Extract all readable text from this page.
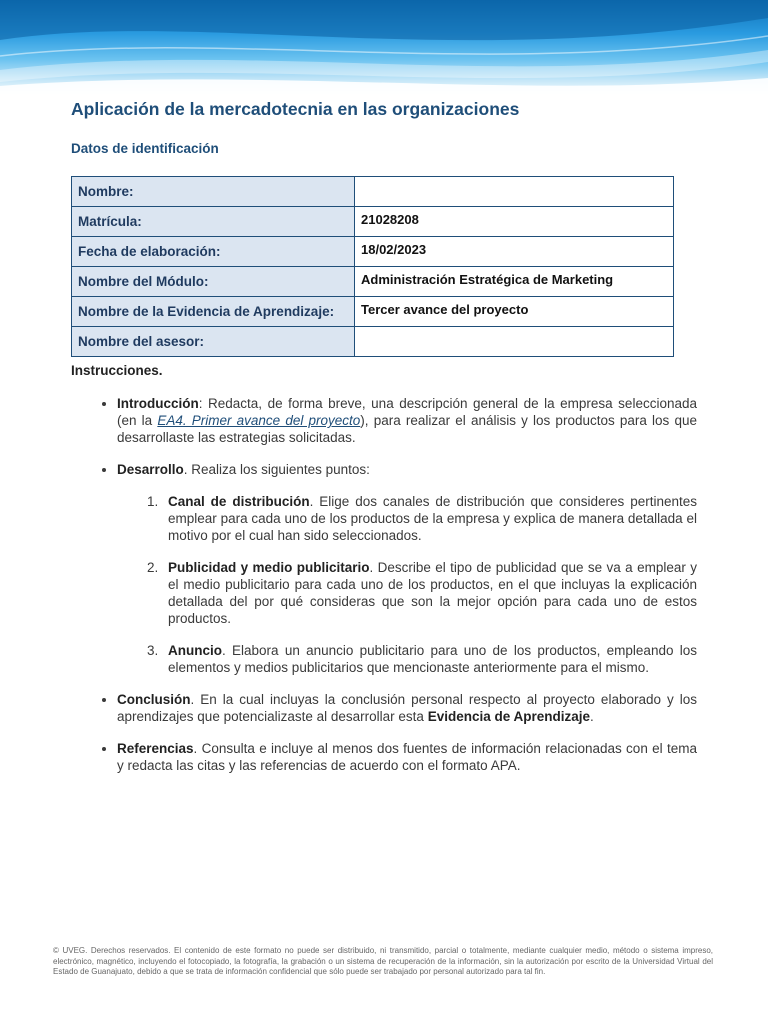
Aplicación de la mercadotecnia en las organizaciones
Datos de identificación
Nombre:	
Matrícula:	21028208
Fecha de elaboración:	18/02/2023
Nombre del Módulo:	Administración Estratégica de Marketing
Nombre de la Evidencia de Aprendizaje:	Tercer avance del proyecto
Nombre del asesor:	

Instrucciones.

• Introducción: Redacta, de forma breve, una descripción general de la empresa seleccionada (en la EA4. Primer avance del proyecto), para realizar el análisis y los productos para los que desarrollaste las estrategias solicitadas.
• Desarrollo. Realiza los siguientes puntos:
1. Canal de distribución. Elige dos canales de distribución que consideres pertinentes emplear para cada uno de los productos de la empresa y explica de manera detallada el motivo por el cual han sido seleccionados.
2. Publicidad y medio publicitario. Describe el tipo de publicidad que se va a emplear y el medio publicitario para cada uno de los productos, en el que incluyas la explicación detallada del por qué consideras que son la mejor opción para cada uno de estos productos.
3. Anuncio. Elabora un anuncio publicitario para uno de los productos, empleando los elementos y medios publicitarios que mencionaste anteriormente para el mismo.
• Conclusión. En la cual incluyas la conclusión personal respecto al proyecto elaborado y los aprendizajes que potencializaste al desarrollar esta Evidencia de Aprendizaje.
• Referencias. Consulta e incluye al menos dos fuentes de información relacionadas con el tema y redacta las citas y las referencias de acuerdo con el formato APA.
© UVEG. Derechos reservados. El contenido de este formato no puede ser distribuido, ni transmitido, parcial o totalmente, mediante cualquier medio, método o sistema impreso, electrónico, magnético, incluyendo el fotocopiado, la fotografía, la grabación o un sistema de recuperación de la información, sin la autorización por escrito de la Universidad Virtual del Estado de Guanajuato, debido a que se trata de información confidencial que sólo puede ser trabajado por personal autorizado para tal fin.
